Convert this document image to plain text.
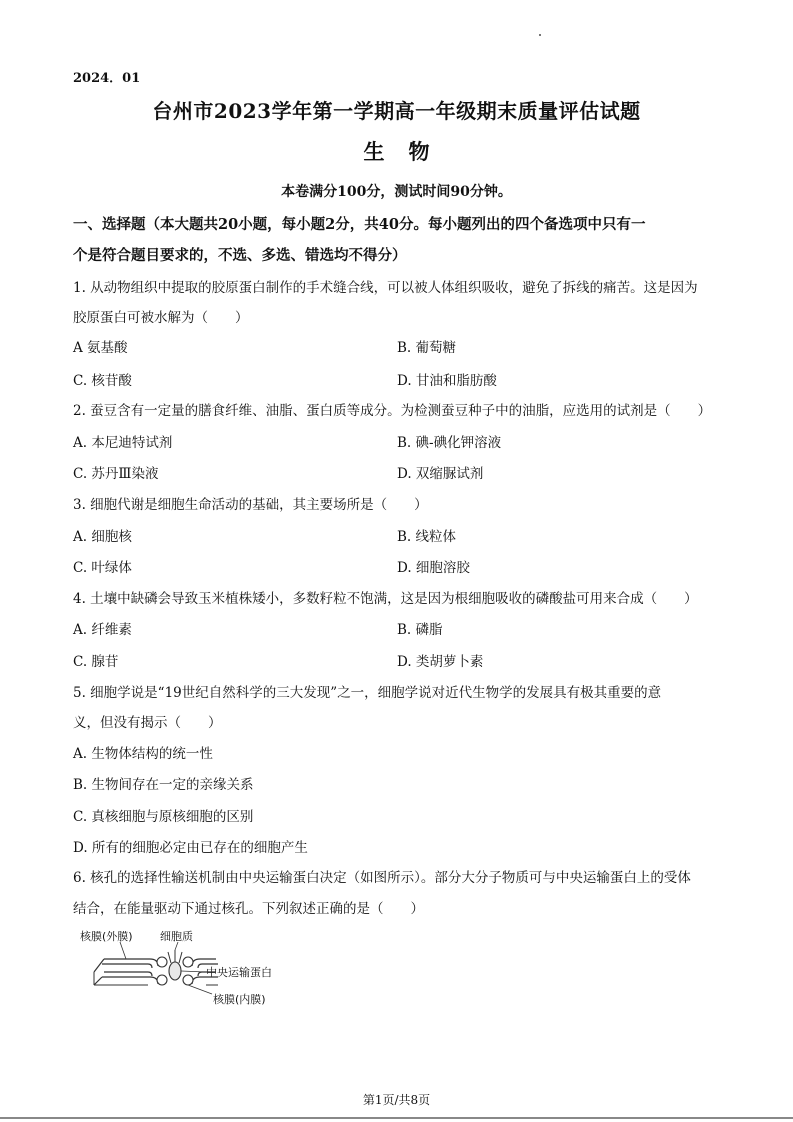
2024．01
台州市2023学年第一学期高一年级期末质量评估试题
生物
本卷满分100分，测试时间90分钟。
一、选择题（本大题共20小题，每小题2分，共40分。每小题列出的四个备选项中只有一
个是符合题目要求的，不选、多选、错选均不得分）
1. 从动物组织中提取的胶原蛋白制作的手术缝合线，可以被人体组织吸收，避免了拆线的痛苦。这是因为
胶原蛋白可被水解为（　　）
A 氨基酸	B. 葡萄糖
C. 核苷酸	D. 甘油和脂肪酸
2. 蚕豆含有一定量的膳食纤维、油脂、蛋白质等成分。为检测蚕豆种子中的油脂，应选用的试剂是（　　）
A. 本尼迪特试剂	B. 碘-碘化钾溶液
C. 苏丹Ⅲ染液	D. 双缩脲试剂
3. 细胞代谢是细胞生命活动的基础，其主要场所是（　　）
A. 细胞核	B. 线粒体
C. 叶绿体	D. 细胞溶胶
4. 土壤中缺磷会导致玉米植株矮小，多数籽粒不饱满，这是因为根细胞吸收的磷酸盐可用来合成（　　）
A. 纤维素	B. 磷脂
C. 腺苷	D. 类胡萝卜素
5. 细胞学说是“19世纪自然科学的三大发现”之一，细胞学说对近代生物学的发展具有极其重要的意
义，但没有揭示（　　）
A. 生物体结构的统一性
B. 生物间存在一定的亲缘关系
C. 真核细胞与原核细胞的区别
D. 所有的细胞必定由已存在的细胞产生
6. 核孔的选择性输送机制由中央运输蛋白决定（如图所示）。部分大分子物质可与中央运输蛋白上的受体
结合，在能量驱动下通过核孔。下列叙述正确的是（　　）
核膜(外膜) 细胞质
中央运输蛋白
核膜(内膜)
第1页/共8页
